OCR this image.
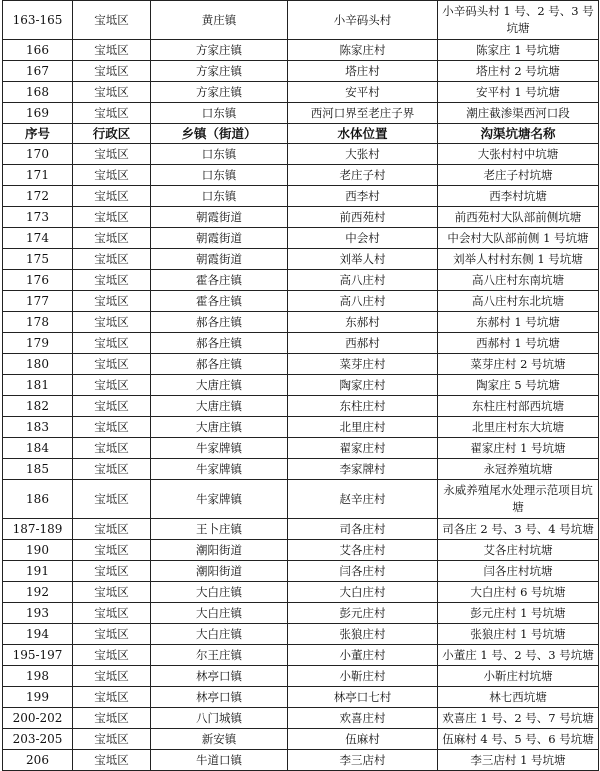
163-165	宝坻区	黄庄镇	小辛码头村	小辛码头村 1 号、2 号、3 号坑塘
166	宝坻区	方家庄镇	陈家庄村	陈家庄 1 号坑塘
167	宝坻区	方家庄镇	塔庄村	塔庄村 2 号坑塘
168	宝坻区	方家庄镇	安平村	安平村 1 号坑塘
169	宝坻区	口东镇	西河口界至老庄子界	潮庄截渗渠西河口段
序号	行政区	乡镇（街道）	水体位置	沟渠坑塘名称
170	宝坻区	口东镇	大张村	大张村村中坑塘
171	宝坻区	口东镇	老庄子村	老庄子村坑塘
172	宝坻区	口东镇	西李村	西李村坑塘
173	宝坻区	朝霞街道	前西苑村	前西苑村大队部前侧坑塘
174	宝坻区	朝霞街道	中会村	中会村大队部前侧 1 号坑塘
175	宝坻区	朝霞街道	刘举人村	刘举人村村东侧 1 号坑塘
176	宝坻区	霍各庄镇	高八庄村	高八庄村东南坑塘
177	宝坻区	霍各庄镇	高八庄村	高八庄村东北坑塘
178	宝坻区	郝各庄镇	东郝村	东郝村 1 号坑塘
179	宝坻区	郝各庄镇	西郝村	西郝村 1 号坑塘
180	宝坻区	郝各庄镇	菜芽庄村	菜芽庄村 2 号坑塘
181	宝坻区	大唐庄镇	陶家庄村	陶家庄 5 号坑塘
182	宝坻区	大唐庄镇	东柱庄村	东柱庄村部西坑塘
183	宝坻区	大唐庄镇	北里庄村	北里庄村东大坑塘
184	宝坻区	牛家牌镇	翟家庄村	翟家庄村 1 号坑塘
185	宝坻区	牛家牌镇	李家牌村	永冠养殖坑塘
186	宝坻区	牛家牌镇	赵辛庄村	永威养殖尾水处理示范项目坑塘
187-189	宝坻区	王卜庄镇	司各庄村	司各庄 2 号、3 号、4 号坑塘
190	宝坻区	潮阳街道	艾各庄村	艾各庄村坑塘
191	宝坻区	潮阳街道	闫各庄村	闫各庄村坑塘
192	宝坻区	大白庄镇	大白庄村	大白庄村 6 号坑塘
193	宝坻区	大白庄镇	彭元庄村	彭元庄村 1 号坑塘
194	宝坻区	大白庄镇	张狼庄村	张狼庄村 1 号坑塘
195-197	宝坻区	尔王庄镇	小董庄村	小董庄 1 号、2 号、3 号坑塘
198	宝坻区	林亭口镇	小靳庄村	小靳庄村坑塘
199	宝坻区	林亭口镇	林亭口七村	林七西坑塘
200-202	宝坻区	八门城镇	欢喜庄村	欢喜庄 1 号、2 号、7 号坑塘
203-205	宝坻区	新安镇	伍麻村	伍麻村 4 号、5 号、6 号坑塘
206	宝坻区	牛道口镇	李三店村	李三店村 1 号坑塘
